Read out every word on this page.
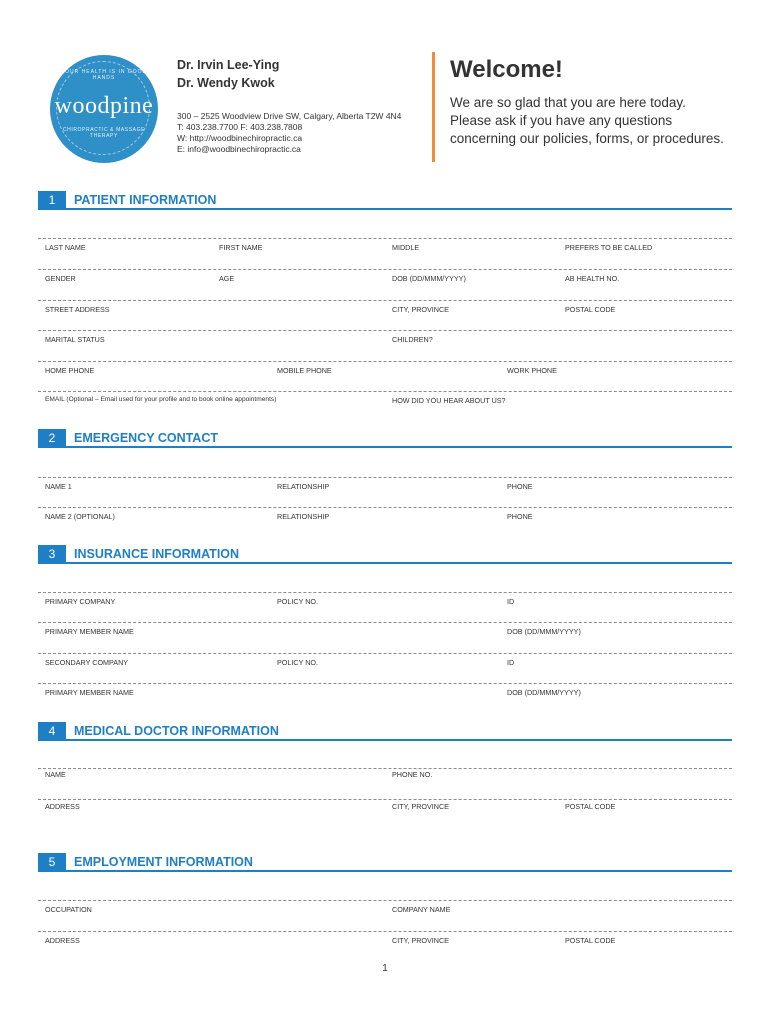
YOUR HEALTH IS IN GOOD HANDS
woodpine
CHIROPRACTIC & MASSAGE THERAPY
Dr. Irvin Lee-Ying
Dr. Wendy Kwok
300 – 2525 Woodview Drive SW, Calgary, Alberta T2W 4N4
T: 403.238.7700 F: 403.238.7808
W: http://woodbinechiropractic.ca
E: info@woodbinechiropractic.ca
Welcome!
We are so glad that you are here today.
Please ask if you have any questions
concerning our policies, forms, or procedures.
1	PATIENT INFORMATION
LAST NAME	FIRST NAME	MIDDLE	PREFERS TO BE CALLED
GENDER	AGE	DOB (DD/MMM/YYYY)	AB HEALTH NO.
STREET ADDRESS	CITY, PROVINCE	POSTAL CODE
MARITAL STATUS	CHILDREN?
HOME PHONE	MOBILE PHONE	WORK PHONE
EMAIL (Optional – Email used for your profile and to book online appointments)	HOW DID YOU HEAR ABOUT US?
2	EMERGENCY CONTACT
NAME 1	RELATIONSHIP	PHONE
NAME 2 (OPTIONAL)	RELATIONSHIP	PHONE
3	INSURANCE INFORMATION
PRIMARY COMPANY	POLICY NO.	ID
PRIMARY MEMBER NAME	DOB (DD/MMM/YYYY)
SECONDARY COMPANY	POLICY NO.	ID
PRIMARY MEMBER NAME	DOB (DD/MMM/YYYY)
4	MEDICAL DOCTOR INFORMATION
NAME	PHONE NO.
ADDRESS	CITY, PROVINCE	POSTAL CODE
5	EMPLOYMENT INFORMATION
OCCUPATION	COMPANY NAME
ADDRESS	CITY, PROVINCE	POSTAL CODE
1
